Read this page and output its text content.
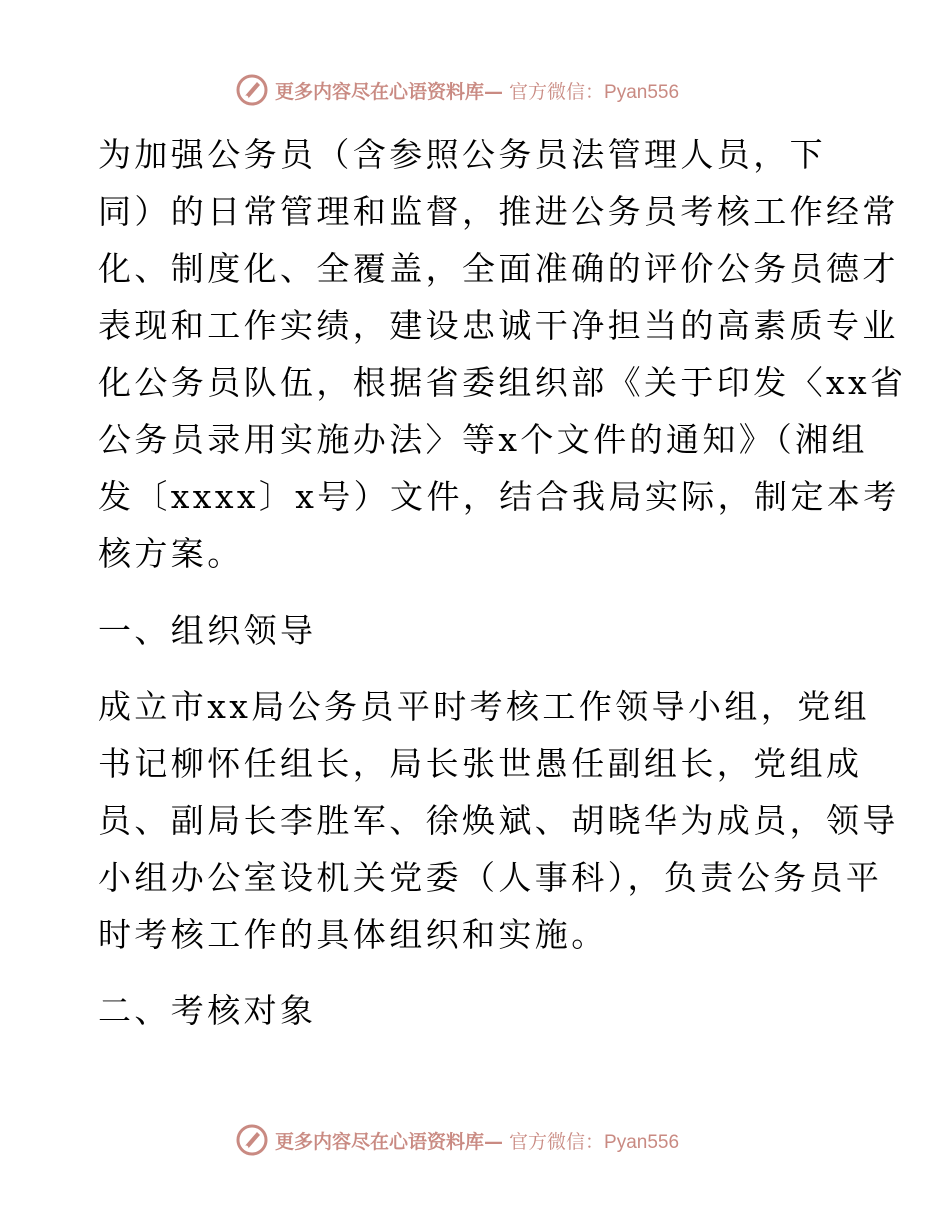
更多内容尽在心语资料库— 官方微信：Pyan556

为加强公务员（含参照公务员法管理人员，下
同）的日常管理和监督，推进公务员考核工作经常
化、制度化、全覆盖，全面准确的评价公务员德才
表现和工作实绩，建设忠诚干净担当的高素质专业
化公务员队伍，根据省委组织部《关于印发〈xx省
公务员录用实施办法〉等x个文件的通知》（湘组
发〔xxxx〕x号）文件，结合我局实际，制定本考
核方案。

一、组织领导

成立市xx局公务员平时考核工作领导小组，党组
书记柳怀任组长，局长张世愚任副组长，党组成
员、副局长李胜军、徐焕斌、胡晓华为成员，领导
小组办公室设机关党委（人事科），负责公务员平
时考核工作的具体组织和实施。

二、考核对象

更多内容尽在心语资料库— 官方微信：Pyan556
